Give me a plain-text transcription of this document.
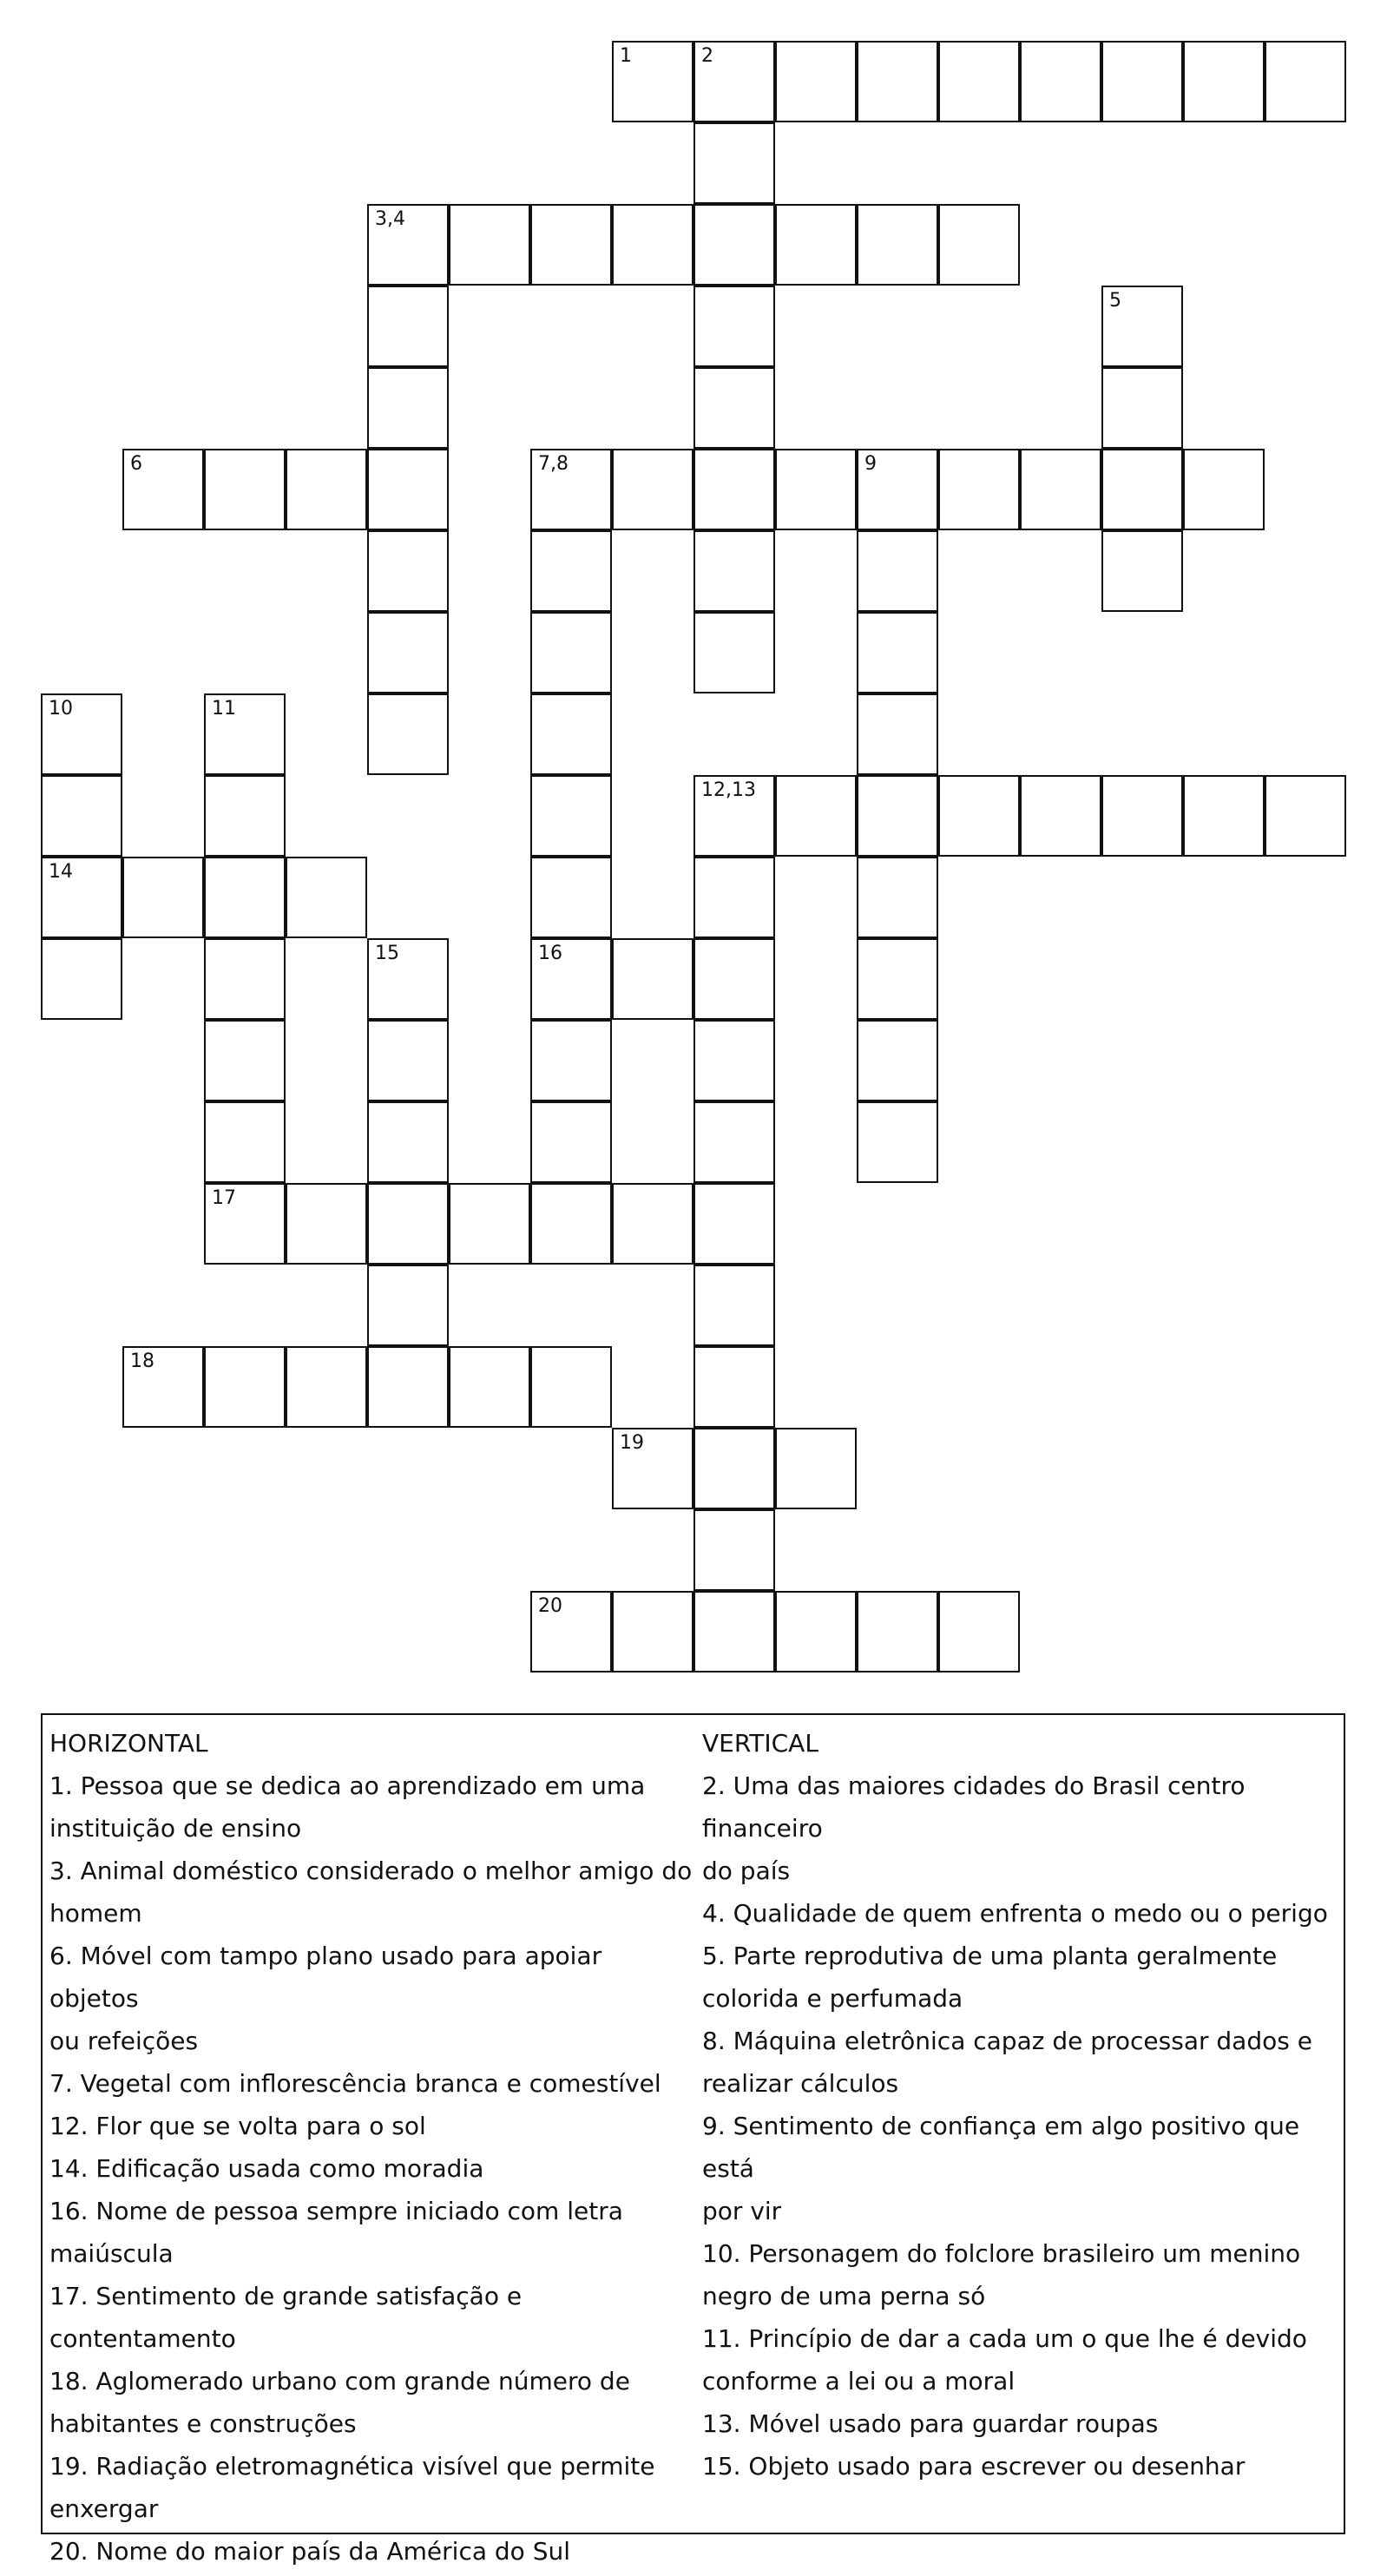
1	2
3,4
5
6	7,8	9
10	11
12,13
14
15	16
17
18
19
20

HORIZONTAL

1. Pessoa que se dedica ao aprendizado em uma

instituição de ensino

3. Animal doméstico considerado o melhor amigo do

homem

6. Móvel com tampo plano usado para apoiar objetos

ou refeições

7. Vegetal com inflorescência branca e comestível

12. Flor que se volta para o sol

14. Edificação usada como moradia

16. Nome de pessoa sempre iniciado com letra

maiúscula

17. Sentimento de grande satisfação e contentamento

18. Aglomerado urbano com grande número de

habitantes e construções

19. Radiação eletromagnética visível que permite

enxergar

20. Nome do maior país da América do Sul

VERTICAL

2. Uma das maiores cidades do Brasil centro financeiro

do país

4. Qualidade de quem enfrenta o medo ou o perigo

5. Parte reprodutiva de uma planta geralmente

colorida e perfumada

8. Máquina eletrônica capaz de processar dados e

realizar cálculos

9. Sentimento de confiança em algo positivo que está

por vir

10. Personagem do folclore brasileiro um menino

negro de uma perna só

11. Princípio de dar a cada um o que lhe é devido

conforme a lei ou a moral

13. Móvel usado para guardar roupas

15. Objeto usado para escrever ou desenhar
